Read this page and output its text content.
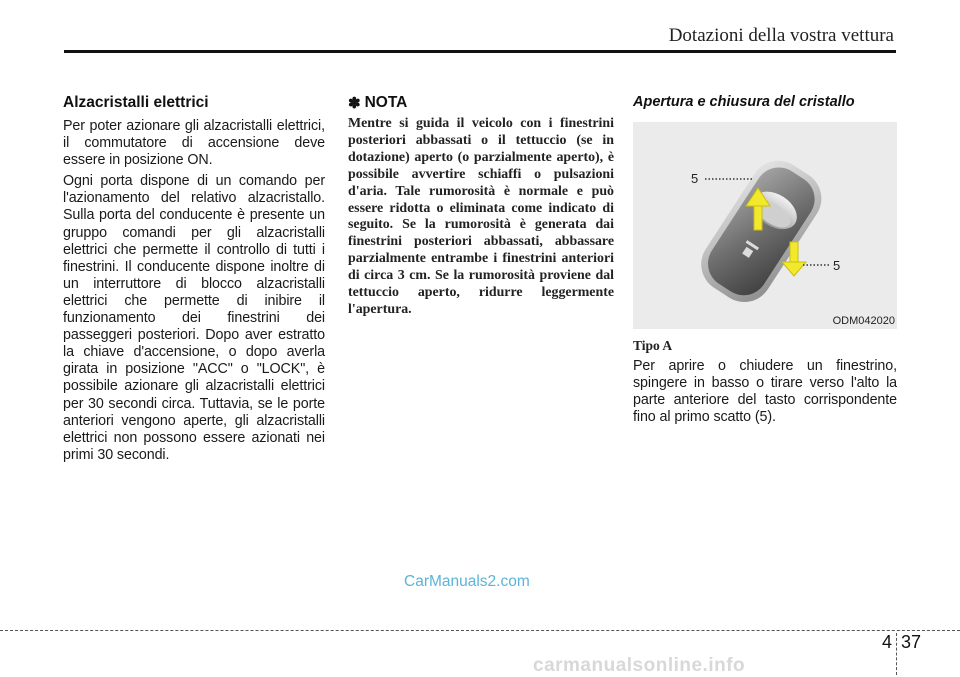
Dotazioni della vostra vettura

Alzacristalli elettrici

Per poter azionare gli alzacristalli elettrici, il commutatore di accensione deve essere in posizione ON.

Ogni porta dispone di un comando per l'azionamento del relativo alzacristallo. Sulla porta del conducente è presente un gruppo comandi per gli alzacristalli elettrici che permette il controllo di tutti i finestrini. Il conducente dispone inoltre di un interruttore di blocco alzacristalli elettrici che permette di inibire il funzionamento dei finestrini dei passeggeri posteriori. Dopo aver estratto la chiave d'accensione, o dopo averla girata in posizione "ACC" o "LOCK", è possibile azionare gli alzacristalli elettrici per 30 secondi circa. Tuttavia, se le porte anteriori vengono aperte, gli alzacristalli elettrici non possono essere azionati nei primi 30 secondi.

✽ NOTA

Mentre si guida il veicolo con i finestrini posteriori abbassati o il tettuccio (se in dotazione) aperto (o parzialmente aperto), è possibile avvertire schiaffi o pulsazioni d'aria. Tale rumorosità è normale e può essere ridotta o eliminata come indicato di seguito. Se la rumorosità è generata dai finestrini posteriori abbassati, abbassare parzialmente entrambe i finestrini anteriori di circa 3 cm. Se la rumorosità proviene dal tettuccio aperto, ridurre leggermente l'apertura.

Apertura e chiusura del cristallo

5
5
ODM042020

Tipo A

Per aprire o chiudere un finestrino, spingere in basso o tirare verso l'alto la parte anteriore del tasto corrispondente fino al primo scatto (5).

CarManuals2.com
4 37
carmanualsonline.info
